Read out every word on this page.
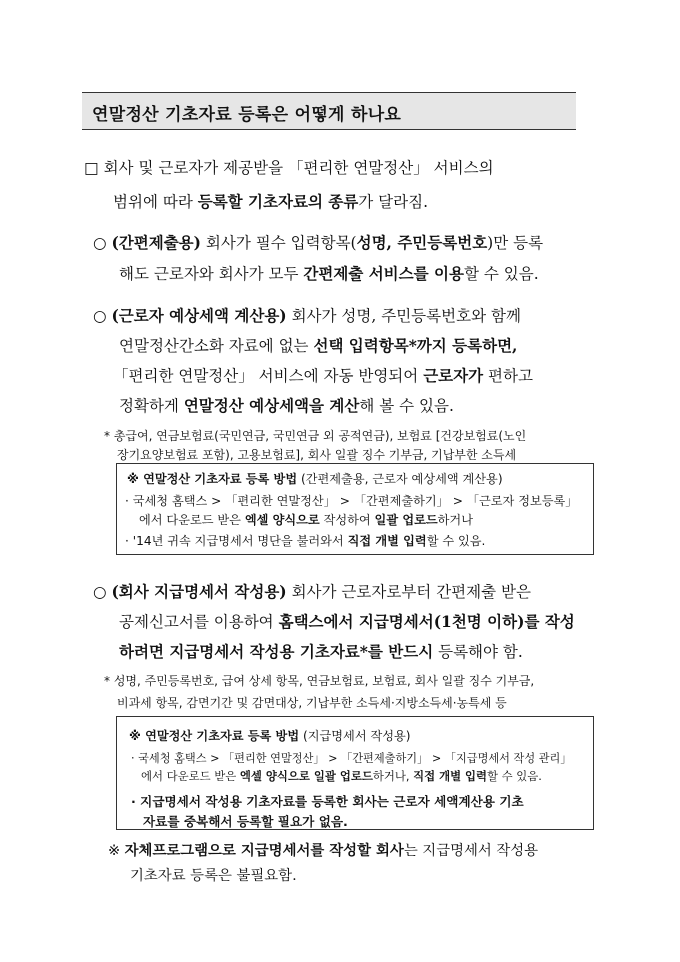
연말정산 기초자료 등록은 어떻게 하나요
□ 회사 및 근로자가 제공받을 「편리한 연말정산」 서비스의
범위에 따라 등록할 기초자료의 종류가 달라짐.
○ (간편제출용) 회사가 필수 입력항목(성명, 주민등록번호)만 등록
해도 근로자와 회사가 모두 간편제출 서비스를 이용할 수 있음.
○ (근로자 예상세액 계산용) 회사가 성명, 주민등록번호와 함께
연말정산간소화 자료에 없는 선택 입력항목*까지 등록하면,
「편리한 연말정산」 서비스에 자동 반영되어 근로자가 편하고
정확하게 연말정산 예상세액을 계산해 볼 수 있음.
* 총급여, 연금보험료(국민연금, 국민연금 외 공적연금), 보험료 [건강보험료(노인
장기요양보험료 포함), 고용보험료], 회사 일괄 징수 기부금, 기납부한 소득세
※ 연말정산 기초자료 등록 방법 (간편제출용, 근로자 예상세액 계산용)
· 국세청 홈택스 > 「편리한 연말정산」 > 「간편제출하기」 > 「근로자 정보등록」
에서 다운로드 받은 엑셀 양식으로 작성하여 일괄 업로드하거나
· '14년 귀속 지급명세서 명단을 불러와서 직접 개별 입력할 수 있음.
○ (회사 지급명세서 작성용) 회사가 근로자로부터 간편제출 받은
공제신고서를 이용하여 홈택스에서 지급명세서(1천명 이하)를 작성
하려면 지급명세서 작성용 기초자료*를 반드시 등록해야 함.
* 성명, 주민등록번호, 급여 상세 항목, 연금보험료, 보험료, 회사 일괄 징수 기부금,
비과세 항목, 감면기간 및 감면대상, 기납부한 소득세·지방소득세·농특세 등
※ 연말정산 기초자료 등록 방법 (지급명세서 작성용)
· 국세청 홈택스 > 「편리한 연말정산」 > 「간편제출하기」 > 「지급명세서 작성 관리」
에서 다운로드 받은 엑셀 양식으로 일괄 업로드하거나, 직접 개별 입력할 수 있음.
· 지급명세서 작성용 기초자료를 등록한 회사는 근로자 세액계산용 기초
자료를 중복해서 등록할 필요가 없음.
※ 자체프로그램으로 지급명세서를 작성할 회사는 지급명세서 작성용
기초자료 등록은 불필요함.
